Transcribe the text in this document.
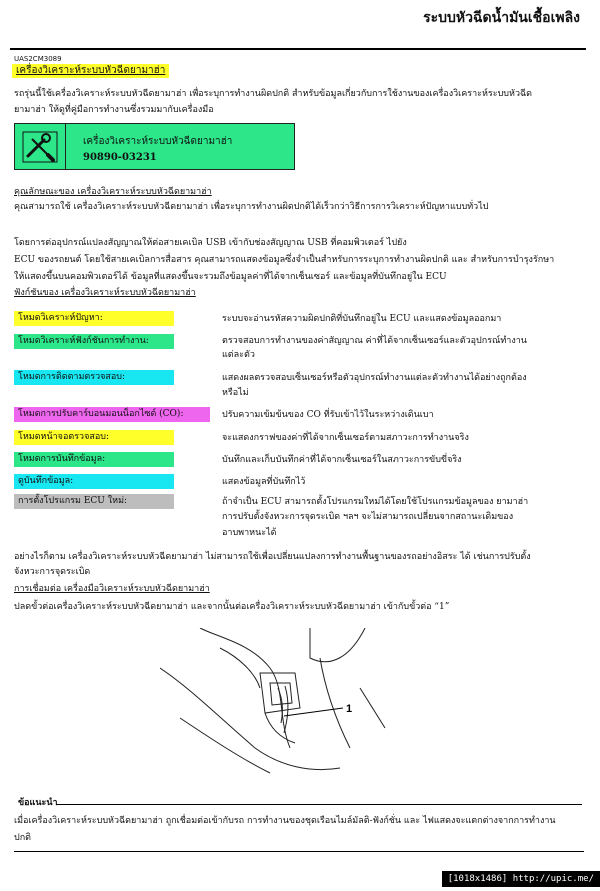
ระบบหัวฉีดน้ำมันเชื้อเพลิง
UAS2CM3089
เครื่องวิเคราะห์ระบบหัวฉีดยามาฮ่า
รถรุ่นนี้ใช้เครื่องวิเคราะห์ระบบหัวฉีดยามาฮ่า เพื่อระบุการทำงานผิดปกติ สำหรับข้อมูลเกี่ยวกับการใช้งานของเครื่องวิเคราะห์ระบบหัวฉีด
ยามาฮ่า ให้ดูที่คู่มือการทำงานซึ่งรวมมากับเครื่องมือ
เครื่องวิเคราะห์ระบบหัวฉีดยามาฮ่า
90890-03231
คุณลักษณะของ เครื่องวิเคราะห์ระบบหัวฉีดยามาฮ่า
คุณสามารถใช้ เครื่องวิเคราะห์ระบบหัวฉีดยามาฮ่า เพื่อระบุการทำงานผิดปกติได้เร็วกว่าวิธีการการวิเคราะห์ปัญหาแบบทั่วไป
โดยการต่ออุปกรณ์แปลงสัญญาณให้ต่อสายเคเบิล USB เข้ากับช่องสัญญาณ USB ที่คอมพิวเตอร์ ไปยัง
ECU ของรถยนต์ โดยใช้สายเคเบิลการสื่อสาร คุณสามารถแสดงข้อมูลซึ่งจำเป็นสำหรับการระบุการทำงานผิดปกติ และ สำหรับการบำรุงรักษา
ให้แสดงขึ้นบนคอมพิวเตอร์ได้ ข้อมูลที่แสดงขึ้นจะรวมถึงข้อมูลค่าที่ได้จากเซ็นเซอร์ และข้อมูลที่บันทึกอยู่ใน ECU
ฟังก์ชันของ เครื่องวิเคราะห์ระบบหัวฉีดยามาฮ่า
โหมดวิเคราะห์ปัญหา:	ระบบจะอ่านรหัสความผิดปกติที่บันทึกอยู่ใน ECU และแสดงข้อมูลออกมา
โหมดวิเคราะห์ฟังก์ชันการทำงาน:	ตรวจสอบการทำงานของค่าสัญญาณ ค่าที่ได้จากเซ็นเซอร์และตัวอุปกรณ์ทำงาน
แต่ละตัว
โหมดการติดตามตรวจสอบ:	แสดงผลตรวจสอบเซ็นเซอร์หรือตัวอุปกรณ์ทำงานแต่ละตัวทำงานได้อย่างถูกต้อง
หรือไม่
โหมดการปรับคาร์บอนมอนน็อกไซด์ (CO):	ปรับความเข้มข้นของ CO ที่รับเข้าไว้ในระหว่างเดินเบา
โหมดหน้าจอตรวจสอบ:	จะแสดงกราฟของค่าที่ได้จากเซ็นเซอร์ตามสภาวะการทำงานจริง
โหมดการบันทึกข้อมูล:	บันทึกและเก็บบันทึกค่าที่ได้จากเซ็นเซอร์ในสภาวะการขับขี่จริง
ดูบันทึกข้อมูล:	แสดงข้อมูลที่บันทึกไว้
การตั้งโปรแกรม ECU ใหม่:	ถ้าจำเป็น ECU สามารถตั้งโปรแกรมใหม่ได้โดยใช้โปรแกรมข้อมูลของ ยามาฮ่า
การปรับตั้งจังหวะการจุดระเบิด ฯลฯ จะไม่สามารถเปลี่ยนจากสถานะเดิมของ
อาบพาหนะได้
อย่างไรก็ตาม เครื่องวิเคราะห์ระบบหัวฉีดยามาฮ่า ไม่สามารถใช้เพื่อเปลี่ยนแปลงการทำงานพื้นฐานของรถอย่างอิสระ ได้ เช่นการปรับตั้ง
จังหวะการจุดระเบิด
การเชื่อมต่อ เครื่องมือวิเคราะห์ระบบหัวฉีดยามาฮ่า
ปลดขั้วต่อเครื่องวิเคราะห์ระบบหัวฉีดยามาฮ่า และจากนั้นต่อเครื่องวิเคราะห์ระบบหัวฉีดยามาฮ่า เข้ากับขั้วต่อ “1”
1
ข้อแนะนำ
เมื่อเครื่องวิเคราะห์ระบบหัวฉีดยามาฮ่า ถูกเชื่อมต่อเข้ากับรถ การทำงานของชุดเรือนไมล์มัลติ-ฟังก์ชั่น และ ไฟแสดงจะแตกต่างจากการทำงาน
ปกติ
[1018x1486] http://upic.me/
